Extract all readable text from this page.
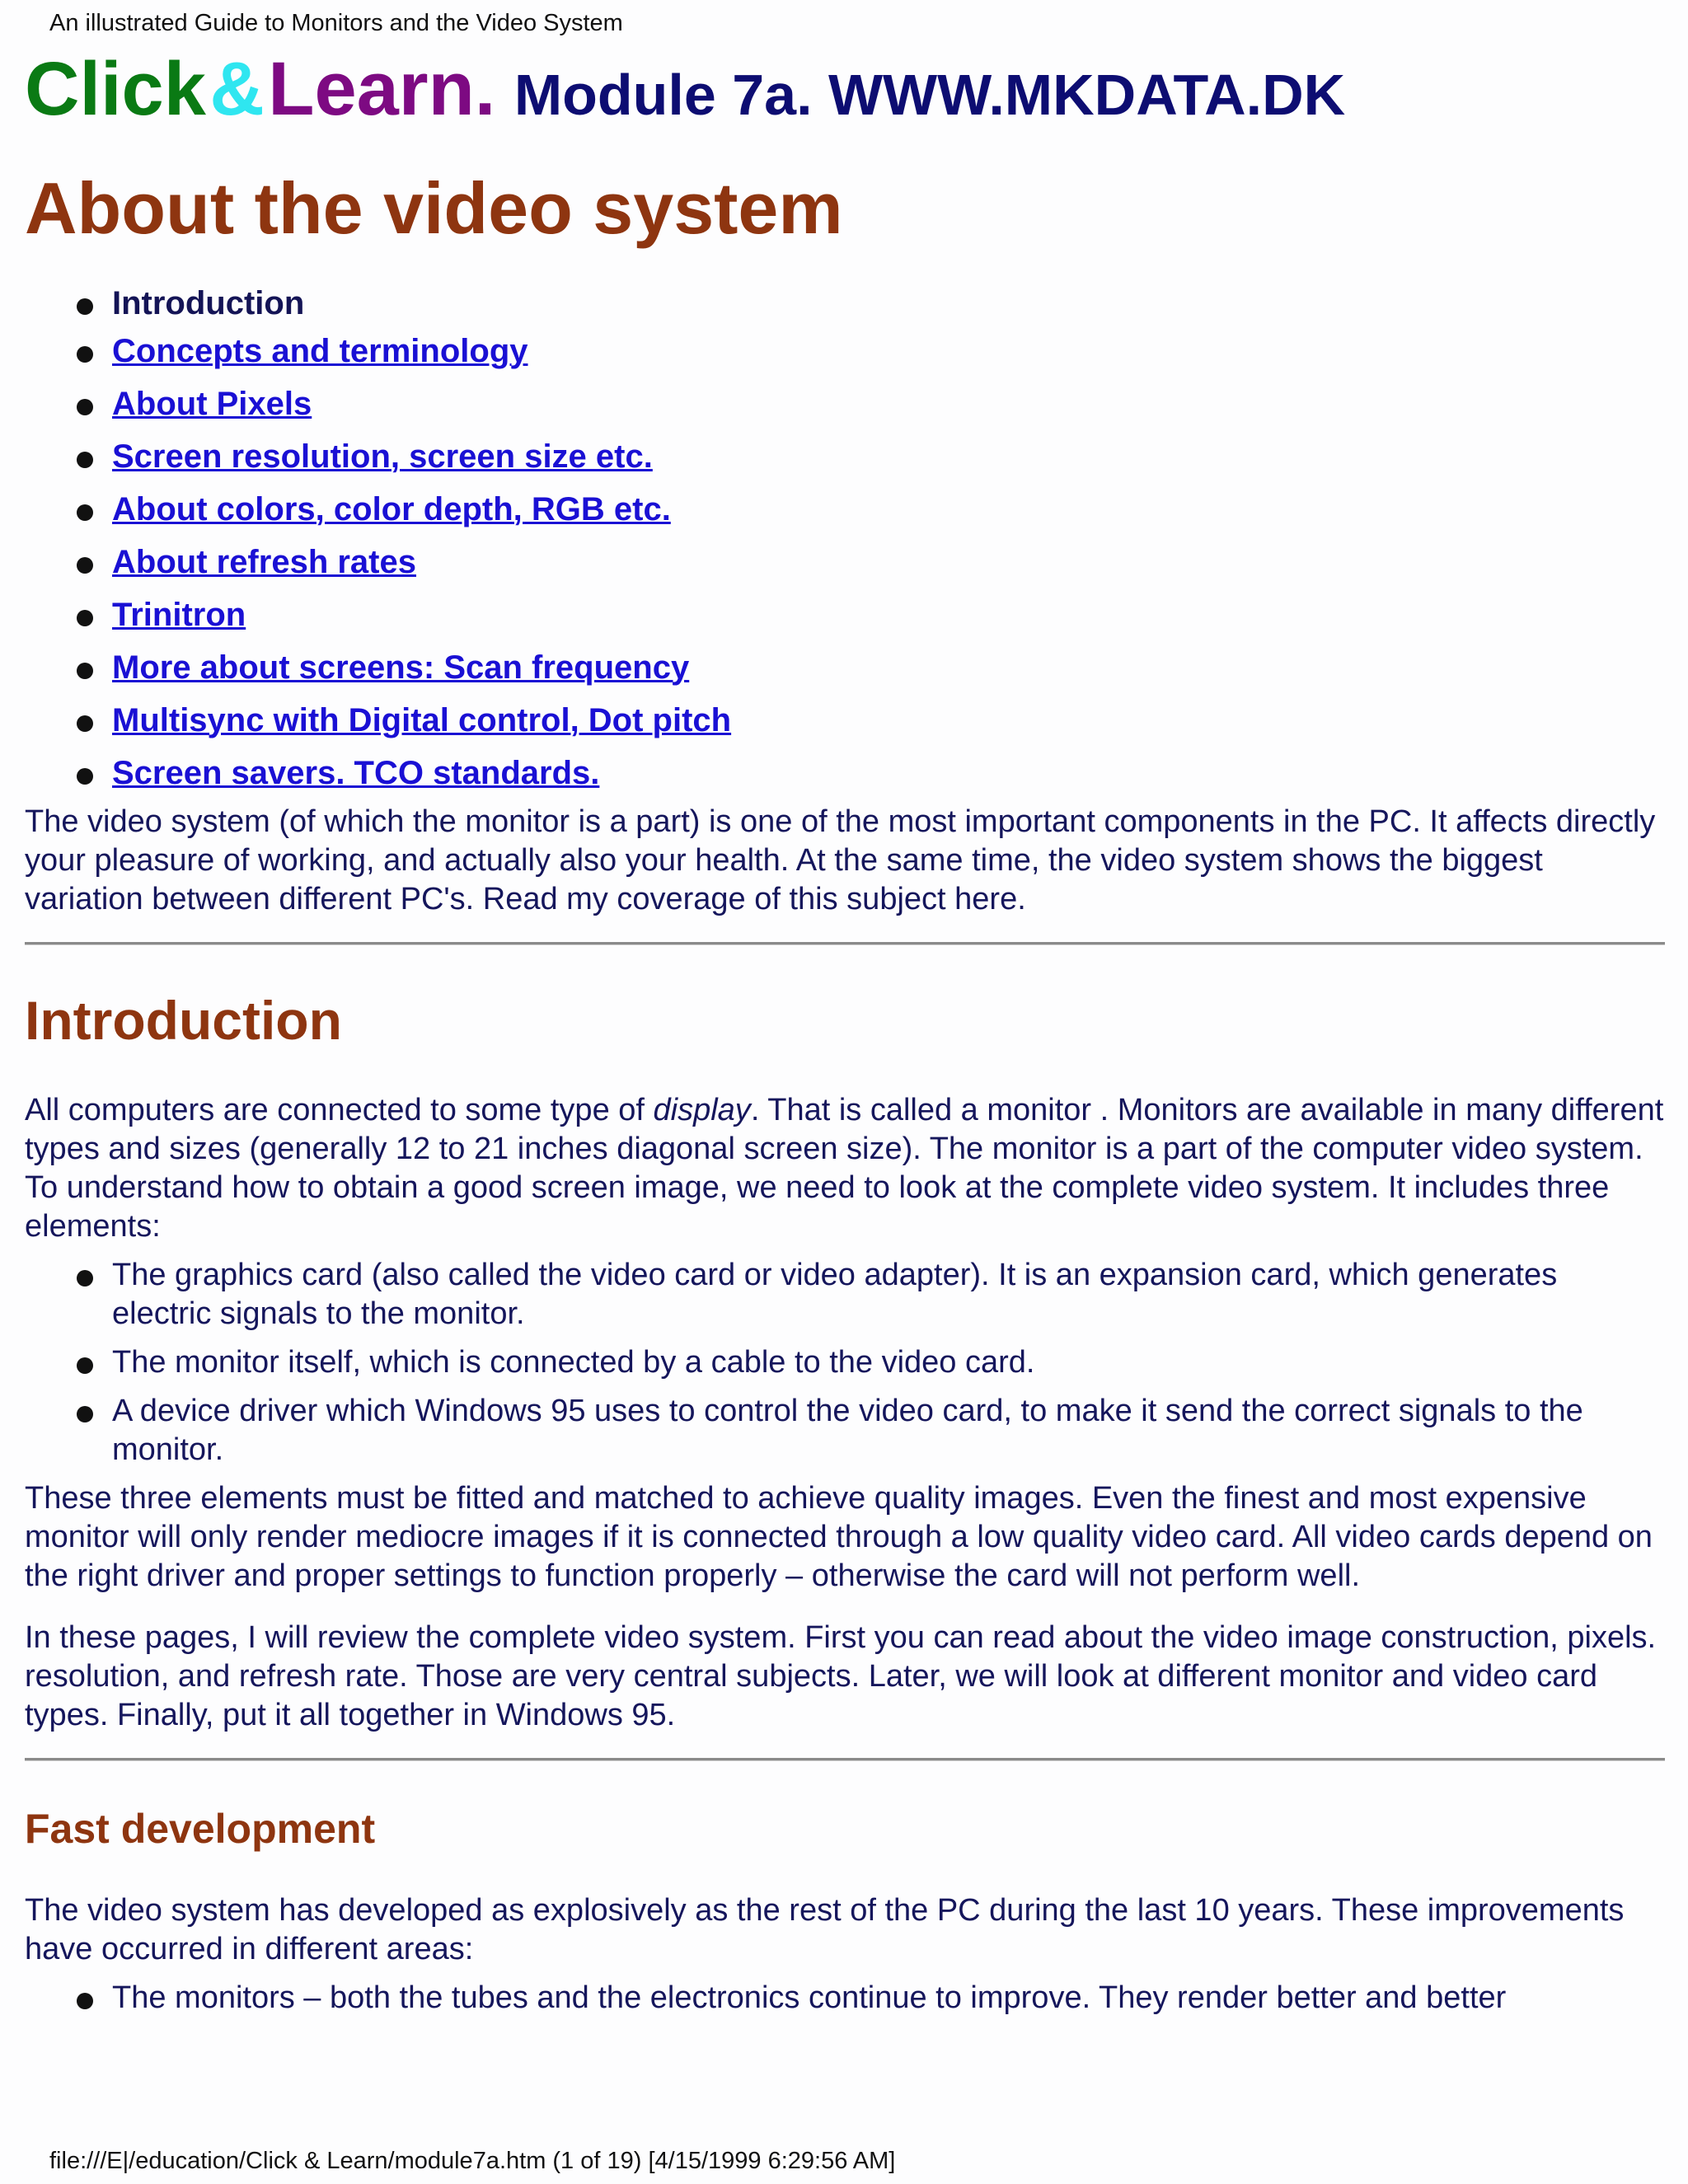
An illustrated Guide to Monitors and the Video System
Click & Learn. Module 7a. WWW.MKDATA.DK
About the video system
Introduction
Concepts and terminology
About Pixels
Screen resolution, screen size etc.
About colors, color depth, RGB etc.
About refresh rates
Trinitron
More about screens: Scan frequency
Multisync with Digital control, Dot pitch
Screen savers. TCO standards.

The video system (of which the monitor is a part) is one of the most important components in the PC. It affects directly your pleasure of working, and actually also your health. At the same time, the video system shows the biggest variation between different PC's. Read my coverage of this subject here.

Introduction

All computers are connected to some type of display. That is called a monitor . Monitors are available in many different types and sizes (generally 12 to 21 inches diagonal screen size). The monitor is a part of the computer video system. To understand how to obtain a good screen image, we need to look at the complete video system. It includes three elements:

The graphics card (also called the video card or video adapter). It is an expansion card, which generates electric signals to the monitor.
The monitor itself, which is connected by a cable to the video card.
A device driver which Windows 95 uses to control the video card, to make it send the correct signals to the monitor.

These three elements must be fitted and matched to achieve quality images. Even the finest and most expensive monitor will only render mediocre images if it is connected through a low quality video card. All video cards depend on the right driver and proper settings to function properly – otherwise the card will not perform well.

In these pages, I will review the complete video system. First you can read about the video image construction, pixels. resolution, and refresh rate. Those are very central subjects. Later, we will look at different monitor and video card types. Finally, put it all together in Windows 95.

Fast development

The video system has developed as explosively as the rest of the PC during the last 10 years. These improvements have occurred in different areas:

The monitors – both the tubes and the electronics continue to improve. They render better and better
file:///E|/education/Click & Learn/module7a.htm (1 of 19) [4/15/1999 6:29:56 AM]
